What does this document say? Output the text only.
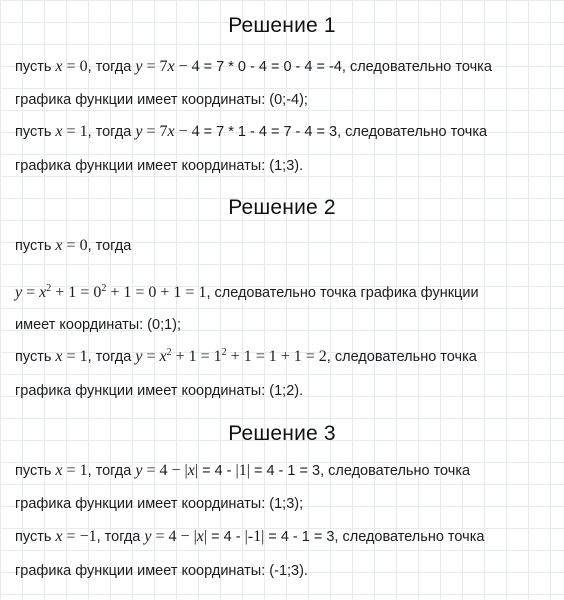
Решение 1
пусть x = 0, тогда y = 7x − 4 = 7 * 0 - 4 = 0 - 4 = -4, следовательно точка
графика функции имеет координаты: (0;-4);
пусть x = 1, тогда y = 7x − 4 = 7 * 1 - 4 = 7 - 4 = 3, следовательно точка
графика функции имеет координаты: (1;3).
Решение 2
пусть x = 0, тогда
$y = x^2 + 1 = 0^2 + 1 = 0 + 1 = 1$, следовательно точка графика функции
имеет координаты: (0;1);
пусть x = 1, тогда $y = x^2 + 1 = 1^2 + 1 = 1 + 1 = 2$, следовательно точка
графика функции имеет координаты: (1;2).
Решение 3
пусть x = 1, тогда y = 4 − |x| = 4 - |1| = 4 - 1 = 3, следовательно точка
графика функции имеет координаты: (1;3);
пусть x = −1, тогда y = 4 − |x| = 4 - |-1| = 4 - 1 = 3, следовательно точка
графика функции имеет координаты: (-1;3).
